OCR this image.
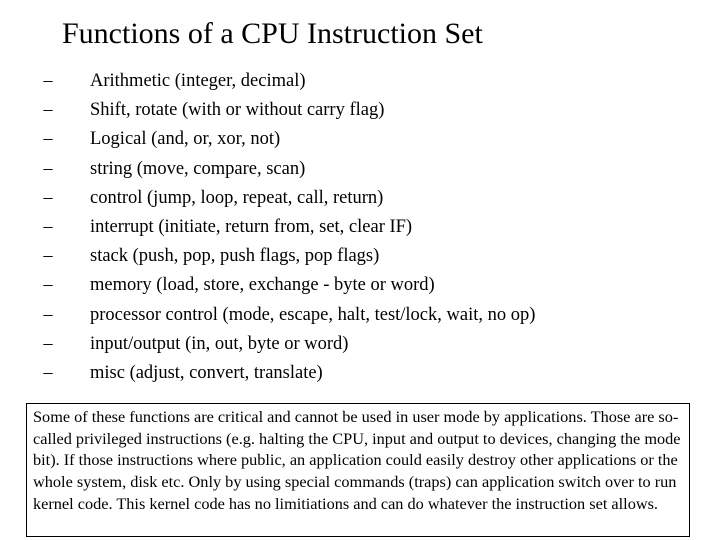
Functions of a CPU Instruction Set
– Arithmetic (integer, decimal)
– Shift, rotate (with or without carry flag)
– Logical (and, or, xor, not)
– string (move, compare, scan)
– control (jump, loop, repeat, call, return)
– interrupt (initiate, return from, set, clear IF)
– stack (push, pop, push flags, pop flags)
– memory (load, store, exchange - byte or word)
– processor control (mode, escape, halt, test/lock, wait, no op)
– input/output (in, out, byte or word)
– misc (adjust, convert, translate)
Some of these functions are critical and cannot be used in user mode by applications. Those are so-called privileged instructions (e.g. halting the CPU, input and output to devices, changing the mode bit). If those instructions where public, an application could easily destroy other applications or the whole system, disk etc. Only by using special commands (traps) can application switch over to run kernel code. This kernel code has no limitiations and can do whatever the instruction set allows.
